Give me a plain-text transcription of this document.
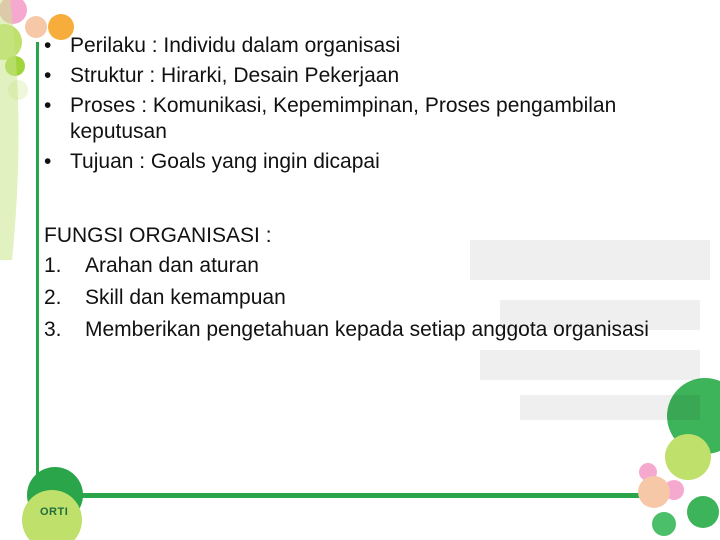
• Perilaku : Individu dalam organisasi
• Struktur : Hirarki, Desain Pekerjaan
• Proses : Komunikasi, Kepemimpinan, Proses pengambilan keputusan
• Tujuan : Goals yang ingin dicapai

FUNGSI ORGANISASI :

1. Arahan dan aturan
2. Skill dan kemampuan
3. Memberikan pengetahuan kepada setiap anggota organisasi
ORTI
